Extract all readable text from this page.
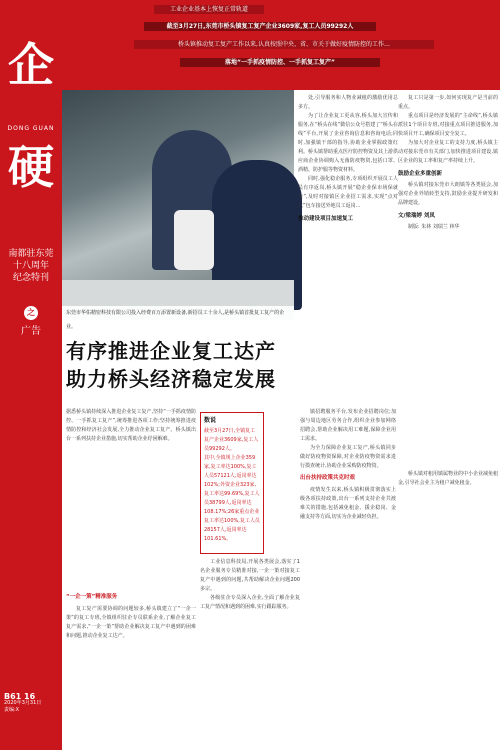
企
DONG GUAN
硬
南都驻东莞
十八周年
纪念特刊
之
广告
B61 16
2020年3月31日
责编:X
工业企业基本上恢复正常轨道
截至3月27日,东莞市桥头镇复工复产企业3609家,复工人员99292人
桥头镇推动复工复产工作以来,认真按照中央、省、市关于做好疫情防控的工作…
落地“一手抓疫情防控、一手抓复工复产”
东莞市华佑精密科技有限公司投入经费百万添置新设备,新招员工十余人,是桥头镇首批复工复产的企业。
处,引导服务和人物业减租的激励优用总多方。
为了让企业复工更从容,桥头加大宣传和服务,在“桥头在线”微信公众号搭建了“桥头在线”平台,开展了企业咨询信息和咨询电话;同时,加强镇干部的指导,协助企业掌握政策红利。桥头镇帮助重点医疗防控物资及其上游供应商企业协调购入无菌防疫物资,包括口罩、酒精、防护服等物资材料。
同时,强化稳企服务,专项组织开展员工人员有序返岗,桥头镇开展“稳企业保市场保就业”,及时对接镇区企业招工需求,实现“点对点”包车接送外地员工返岗…
推动建设项目加速复工
复工只是第一步,如何实现复产是当前的重点。
重点项目是经济发展的“主命线”,桥头镇派驻1个项目专班,对接重点项目推进服务,加快项目开工,确保项目安全复工。
为加大对企业复工的支持力度,桥头镇主动对接东莞市有关部门,加快推进项目建设,镇区企业的复工率和复产率持续上升。
鼓励企业多重创新
桥头镇对接东莞市大朗镇等各类展会,加强对企业外销转型支持,鼓励企业提升研发和品牌建设。
文/梁瑞婷 刘凤
制版: 朱林 刘瑞兰 林华
有序推进企业复工达产
助力桥头经济稳定发展
据悉桥头镇持续深入推进企业复工复产,坚持“一手抓疫情防控、一手抓复工复产”,统筹推进各项工作;坚持统筹推进疫情防控和经济社会发展,全力推动企业复工复产。桥头镇出台一系列扶持企业措施,切实帮助企业纾困解难。
数说
截至3月27日,全镇复工复产企业3609家,复工人员99292人。
其中,全镇规上企业359家,复工率达100%,复工人员57121人,返岗率达102%;外资企业323家,复工率达99.69%,复工人员38799人,返岗率达108.17%;26家重点企业复工率达100%,复工人员28157人,返岗率达101.61%。
“一企一策”精准服务
复工复产需要协调的问题较多,桥头镇建立了“一企一策”的复工专班,全镇组织驻企专员联系企业,了解企业复工复产需求,“一企一策”帮助企业解决复工复产中遇到的困难和问题,推动企业复工达产。
工业信息科技局,开展各类展会,落实了1名企业服务专员精准对接,一企一策对接复工复产中遇到的问题,共帮助解决企业问题200多宗。
各级驻企专员深入企业,全面了解企业复工复产情况和遇到的困难,实行跟踪服务。
镇招聘服务平台,发布企业招聘岗位;加强与周边地区劳务合作,组织企业参加网络招聘会,帮助企业解决用工难题,保障企业用工需求。
为全力保障企业复工复产,桥头镇同步做好防疫物资保障,对企业防疫物资需求进行摸查统计,协助企业采购防疫物资。
出台扶持政策共克时艰
疫情发生以来,桥头镇积极贯彻落实上级各项扶持政策,出台一系列支持企业共渡难关的措施,包括减免租金、援企稳岗、金融支持等方面,切实为企业减轻负担。
桥头镇对租用镇属物业的中小企业减免租金,引导社会业主为租户减免租金。
